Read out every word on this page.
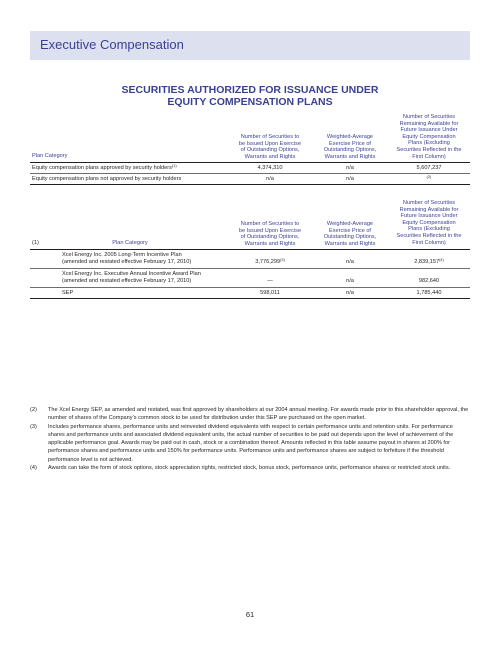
Executive Compensation
SECURITIES AUTHORIZED FOR ISSUANCE UNDER
EQUITY COMPENSATION PLANS
Plan Category
Number of Securities to
be Issued Upon Exercise
of Outstanding Options,
Warrants and Rights
Weighted-Average
Exercise Price of
Outstanding Options,
Warrants and Rights
Number of Securities
Remaining Available for
Future Issuance Under
Equity Compensation
Plans (Excluding
Securities Reflected in the
First Column)
Equity compensation plans approved by security holders$^{(1)}$	4,374,310	n/a	5,607,237
Equity compensation plans not approved by security holders	n/a	n/a	$^{(2)}$
(1)	Plan Category
Number of Securities to
be Issued Upon Exercise
of Outstanding Options,
Warrants and Rights
Weighted-Average
Exercise Price of
Outstanding Options,
Warrants and Rights
Number of Securities
Remaining Available for
Future Issuance Under
Equity Compensation
Plans (Excluding
Securities Reflected in the
First Column)
Xcel Energy Inc. 2005 Long-Term Incentive Plan
(amended and restated effective February 17, 2010)	3,776,299$^{(3)}$	n/a	2,839,157$^{(4)}$
Xcel Energy Inc. Executive Annual Incentive Award Plan
(amended and restated effective February 17, 2010)	—	n/a	982,640
SEP	598,011	n/a	1,785,440
(2) The Xcel Energy SEP, as amended and restated, was first approved by shareholders at our 2004 annual meeting. For awards made prior to this shareholder approval, the number of shares of the Company’s common stock to be used for distribution under this SEP are purchased on the open market.
(3) Includes performance shares, performance units and reinvested dividend equivalents with respect to certain performance units and retention units. For performance shares and performance units and associated dividend equivalent units, the actual number of securities to be paid out depends upon the level of achievement of the applicable performance goal. Awards may be paid out in cash, stock or a combination thereof. Amounts reflected in this table assume payout in shares at 200% for performance shares and performance units and 150% for performance units. Performance units and performance shares are subject to forfeiture if the threshold performance level is not achieved.
(4) Awards can take the form of stock options, stock appreciation rights, restricted stock, bonus stock, performance units, performance shares or restricted stock units.
61
